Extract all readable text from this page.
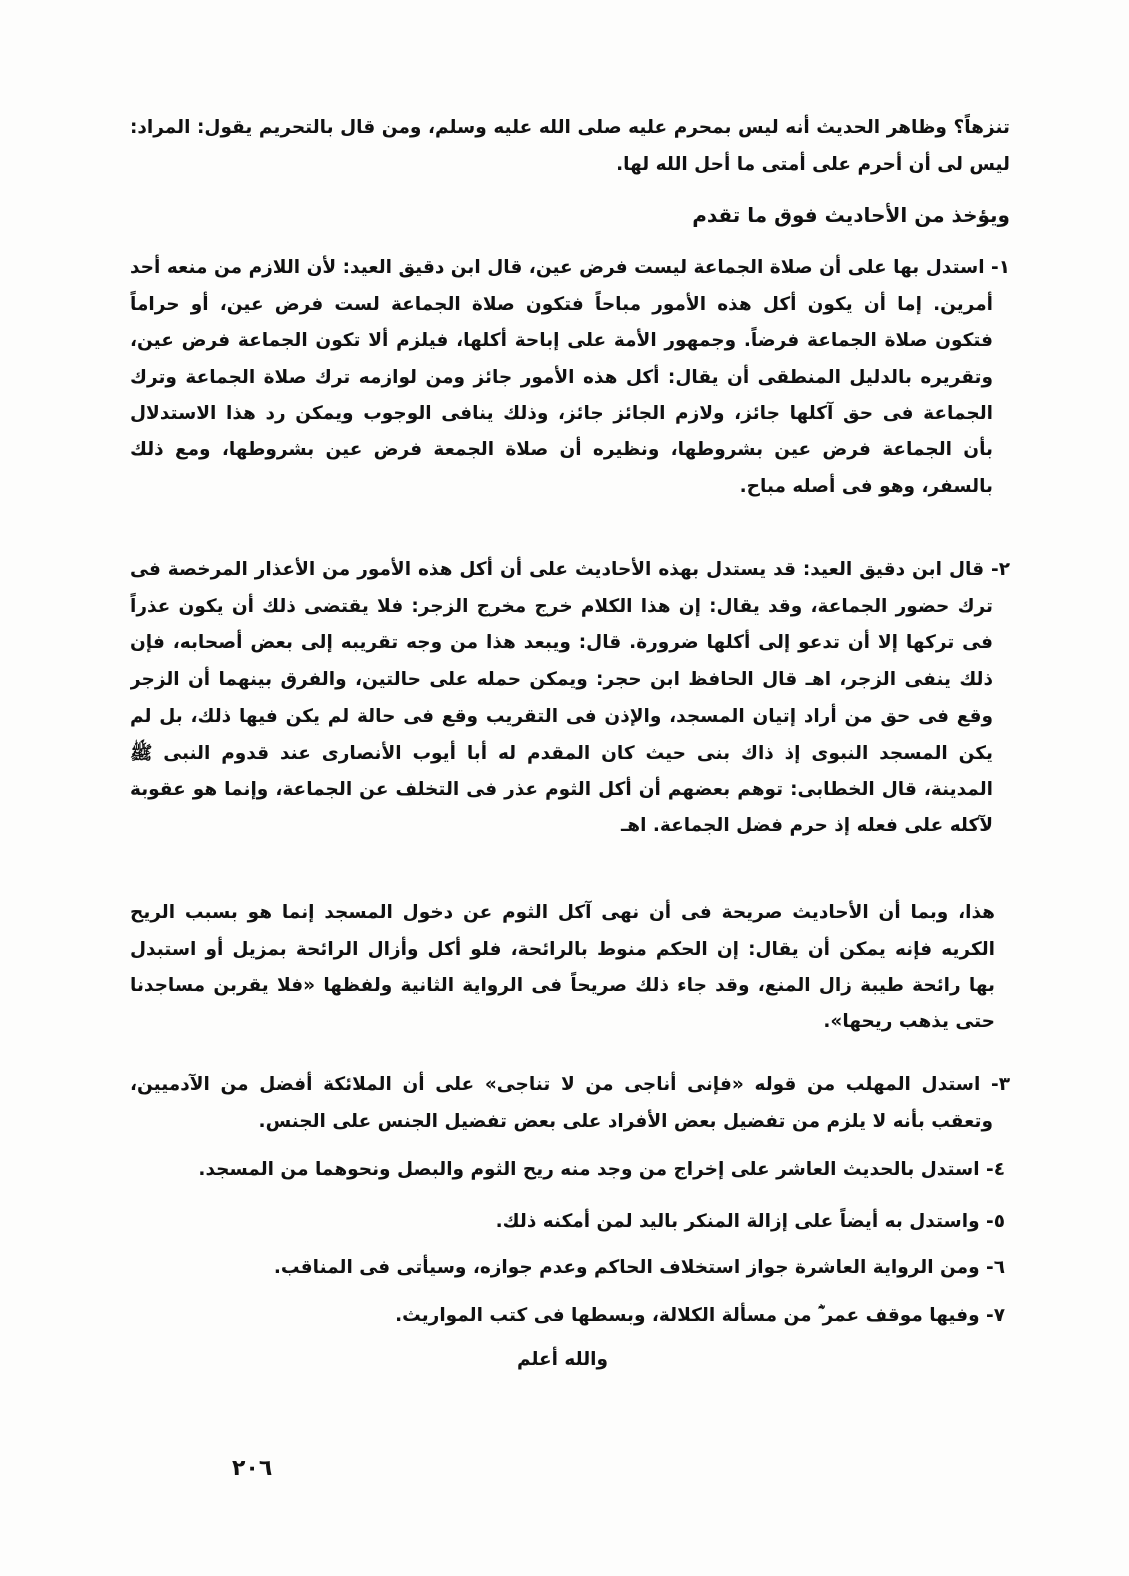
تنزهاً؟ وظاهر الحديث أنه ليس بمحرم عليه صلى الله عليه وسلم، ومن قال بالتحريم يقول: المراد:
ليس لى أن أحرم على أمتى ما أحل الله لها.
ويؤخذ من الأحاديث فوق ما تقدم
١- استدل بها على أن صلاة الجماعة ليست فرض عين، قال ابن دقيق العيد: لأن اللازم من منعه أحد
أمرين. إما أن يكون أكل هذه الأمور مباحاً فتكون صلاة الجماعة لست فرض عين، أو حراماً
فتكون صلاة الجماعة فرضاً. وجمهور الأمة على إباحة أكلها، فيلزم ألا تكون الجماعة فرض عين،
وتقريره بالدليل المنطقى أن يقال: أكل هذه الأمور جائز ومن لوازمه ترك صلاة الجماعة وترك
الجماعة فى حق آكلها جائز، ولازم الجائز جائز، وذلك ينافى الوجوب ويمكن رد هذا الاستدلال
بأن الجماعة فرض عين بشروطها، ونظيره أن صلاة الجمعة فرض عين بشروطها، ومع ذلك
بالسفر، وهو فى أصله مباح.
٢- قال ابن دقيق العيد: قد يستدل بهذه الأحاديث على أن أكل هذه الأمور من الأعذار المرخصة فى
ترك حضور الجماعة، وقد يقال: إن هذا الكلام خرج مخرج الزجر: فلا يقتضى ذلك أن يكون عذراً
فى تركها إلا أن تدعو إلى أكلها ضرورة. قال: ويبعد هذا من وجه تقريبه إلى بعض أصحابه، فإن
ذلك ينفى الزجر، اهـ قال الحافظ ابن حجر: ويمكن حمله على حالتين، والفرق بينهما أن الزجر
وقع فى حق من أراد إتيان المسجد، والإذن فى التقريب وقع فى حالة لم يكن فيها ذلك، بل لم
يكن المسجد النبوى إذ ذاك بنى حيث كان المقدم له أبا أيوب الأنصارى عند قدوم النبى ﷺ
المدينة، قال الخطابى: توهم بعضهم أن أكل الثوم عذر فى التخلف عن الجماعة، وإنما هو عقوبة
لآكله على فعله إذ حرم فضل الجماعة. اهـ
هذا، وبما أن الأحاديث صريحة فى أن نهى آكل الثوم عن دخول المسجد إنما هو بسبب الريح
الكريه فإنه يمكن أن يقال: إن الحكم منوط بالرائحة، فلو أكل وأزال الرائحة بمزيل أو استبدل
بها رائحة طيبة زال المنع، وقد جاء ذلك صريحاً فى الرواية الثانية ولفظها «فلا يقربن مساجدنا
حتى يذهب ريحها».
٣- استدل المهلب من قوله «فإنى أناجى من لا تناجى» على أن الملائكة أفضل من الآدميين،
وتعقب بأنه لا يلزم من تفضيل بعض الأفراد على بعض تفضيل الجنس على الجنس.
٤- استدل بالحديث العاشر على إخراج من وجد منه ريح الثوم والبصل ونحوهما من المسجد.
٥- واستدل به أيضاً على إزالة المنكر باليد لمن أمكنه ذلك.
٦- ومن الرواية العاشرة جواز استخلاف الحاكم وعدم جوازه، وسيأتى فى المناقب.
٧- وفيها موقف عمر ؓ من مسألة الكلالة، وبسطها فى كتب المواريث.
والله أعلم
٢٠٦
